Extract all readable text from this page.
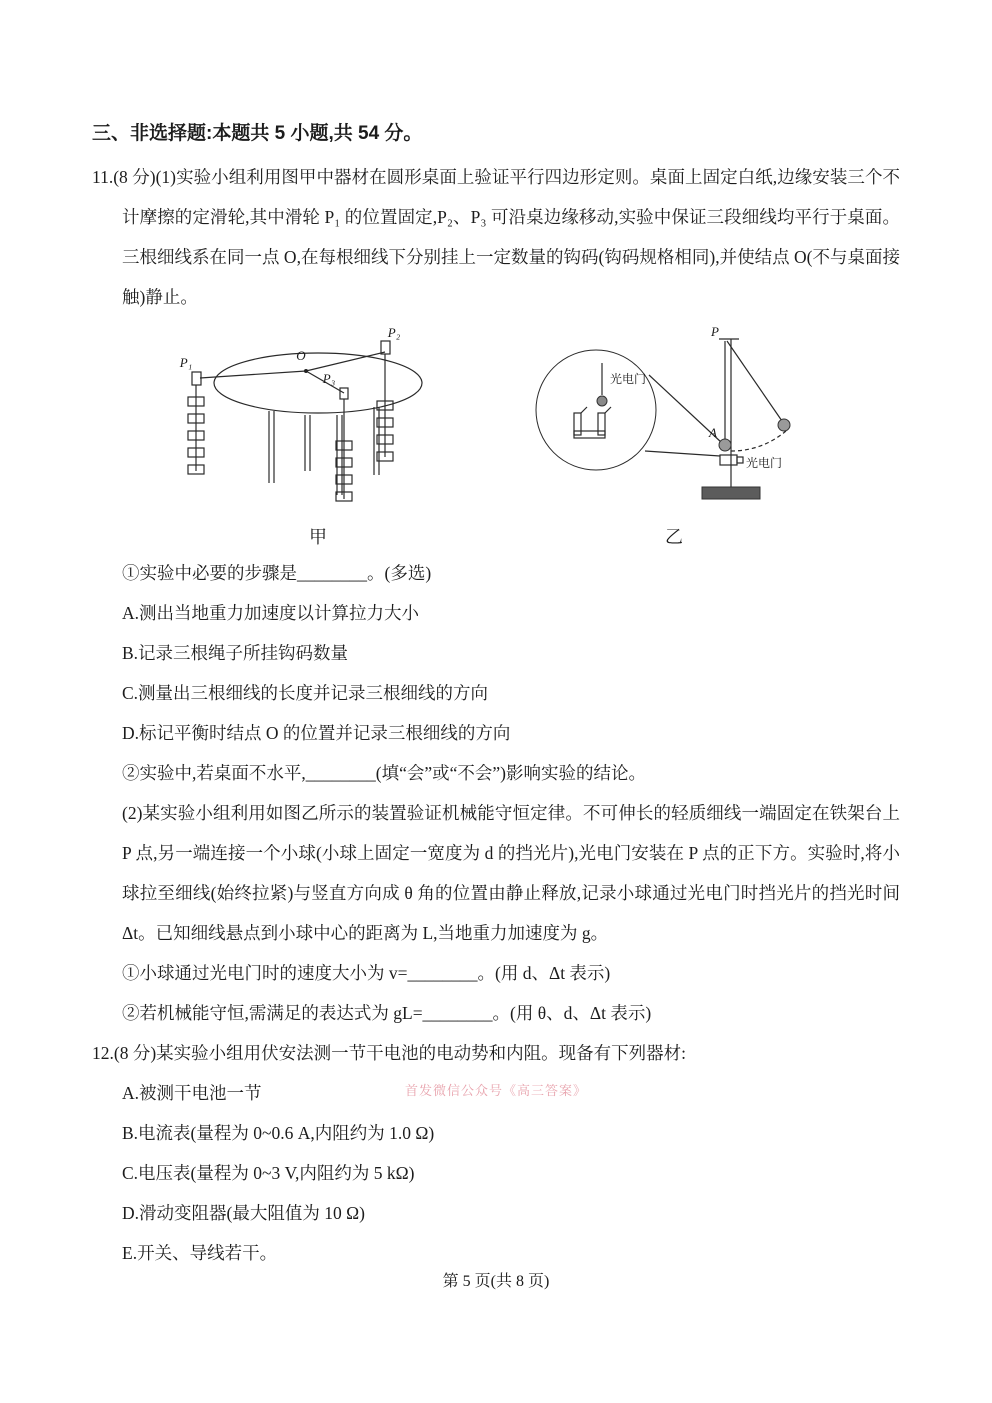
三、非选择题:本题共 5 小题,共 54 分。

11.(8 分)(1)实验小组利用图甲中器材在圆形桌面上验证平行四边形定则。桌面上固定白纸,边缘安装三个不计摩擦的定滑轮,其中滑轮 P₁ 的位置固定,P₂、P₃ 可沿桌边缘移动,实验中保证三段细线均平行于桌面。三根细线系在同一点 O,在每根细线下分别挂上一定数量的钩码(钩码规格相同),并使结点 O(不与桌面接触)静止。

P₁
P₂
P₃
O
甲
光电门
P
A
光电门
乙

①实验中必要的步骤是________。(多选)

A.测出当地重力加速度以计算拉力大小

B.记录三根绳子所挂钩码数量

C.测量出三根细线的长度并记录三根细线的方向

D.标记平衡时结点 O 的位置并记录三根细线的方向

②实验中,若桌面不水平,________(填“会”或“不会”)影响实验的结论。

(2)某实验小组利用如图乙所示的装置验证机械能守恒定律。不可伸长的轻质细线一端固定在铁架台上 P 点,另一端连接一个小球(小球上固定一宽度为 d 的挡光片),光电门安装在 P 点的正下方。实验时,将小球拉至细线(始终拉紧)与竖直方向成 θ 角的位置由静止释放,记录小球通过光电门时挡光片的挡光时间 Δt。已知细线悬点到小球中心的距离为 L,当地重力加速度为 g。

①小球通过光电门时的速度大小为 v=________。(用 d、Δt 表示)

②若机械能守恒,需满足的表达式为 gL=________。(用 θ、d、Δt 表示)

12.(8 分)某实验小组用伏安法测一节干电池的电动势和内阻。现备有下列器材:

A.被测干电池一节

B.电流表(量程为 0~0.6 A,内阻约为 1.0 Ω)

C.电压表(量程为 0~3 V,内阻约为 5 kΩ)

D.滑动变阻器(最大阻值为 10 Ω)

E.开关、导线若干。

首发微信公众号《高三答案》
第 5 页(共 8 页)
